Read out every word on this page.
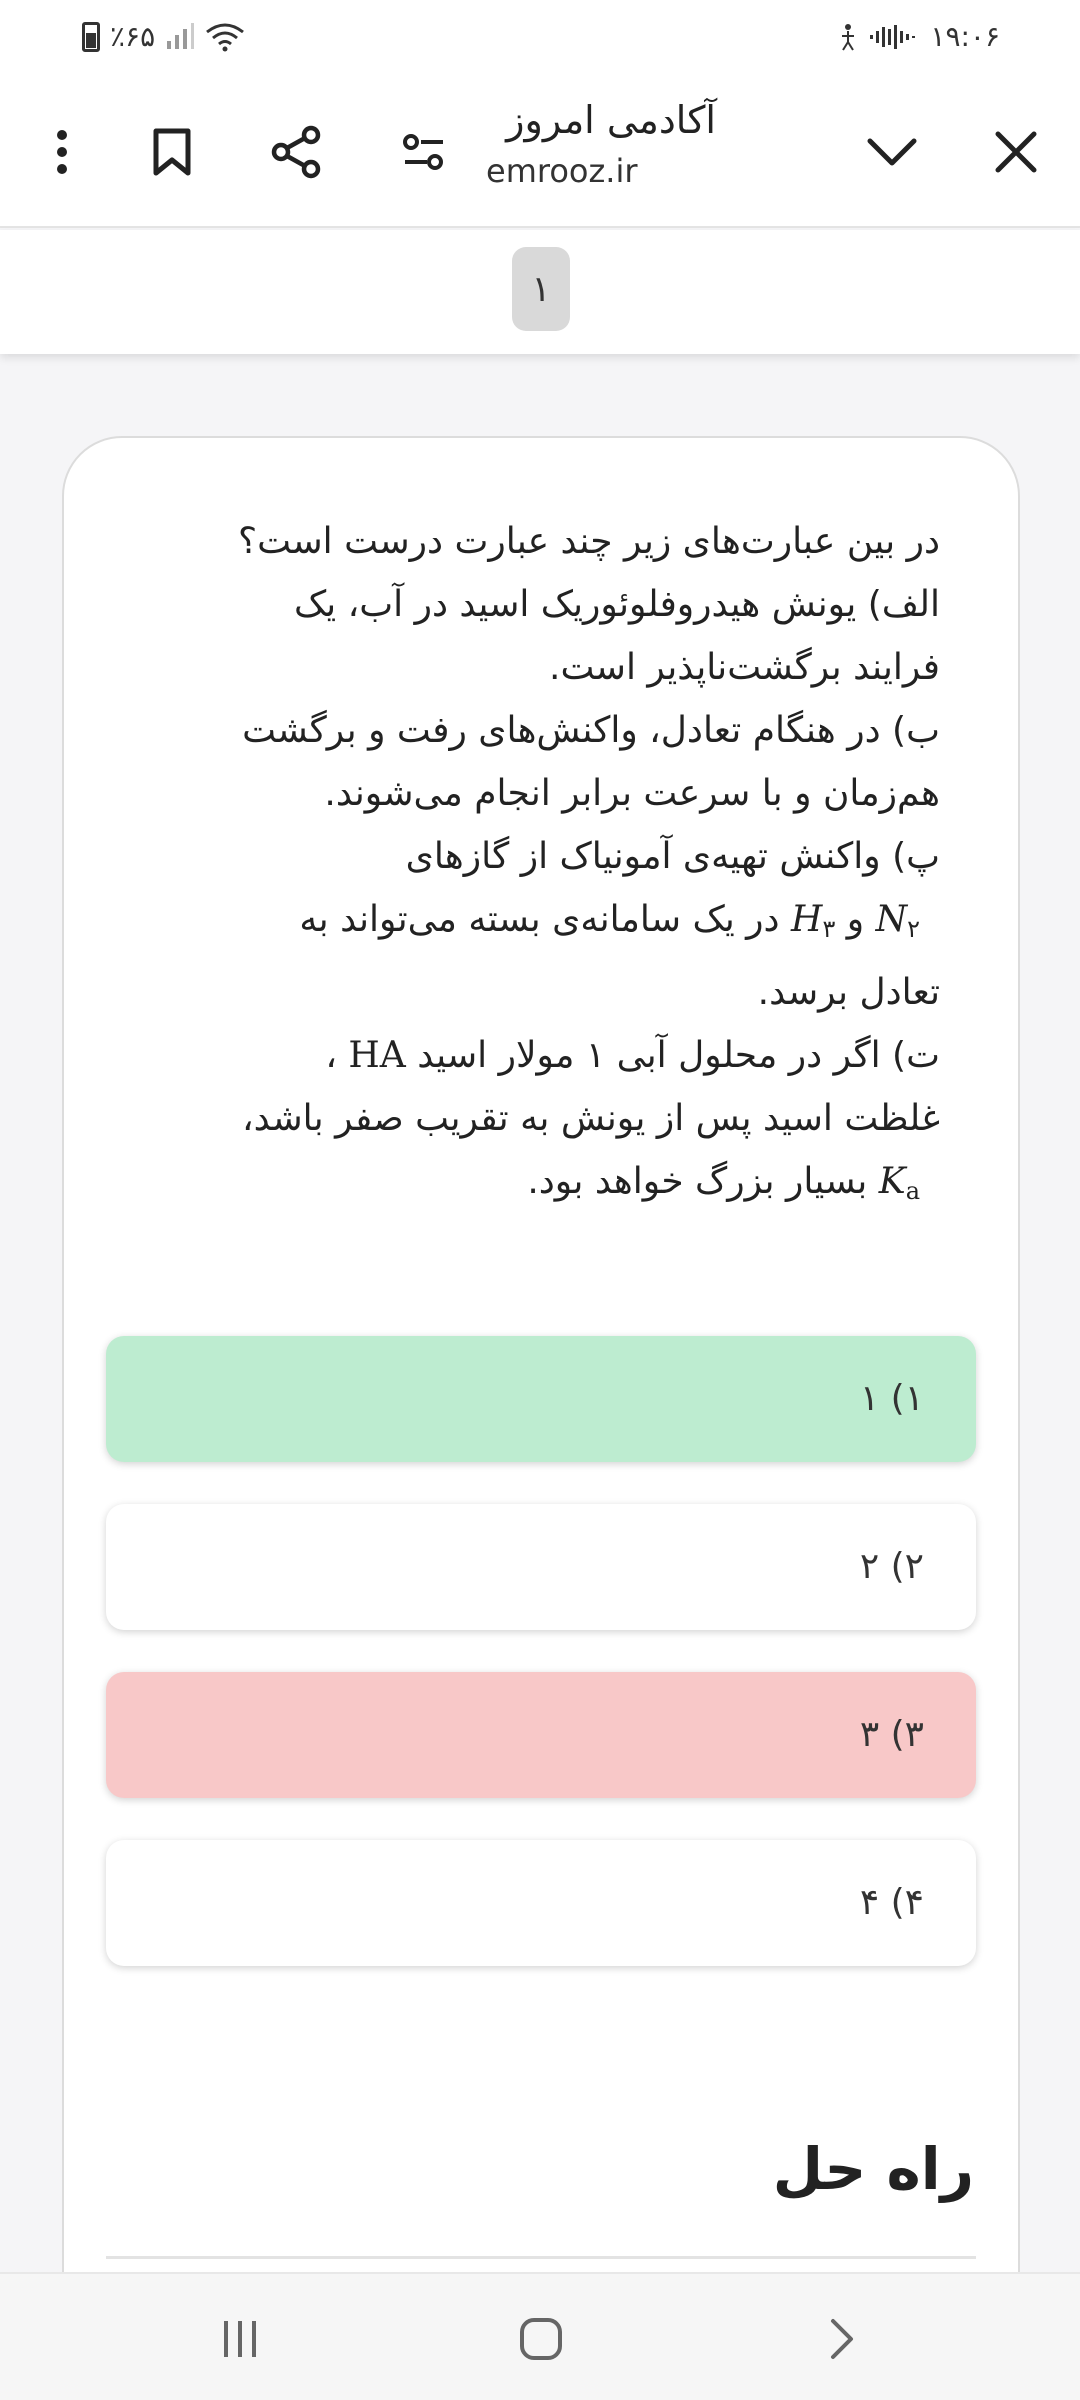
٪۶۵	۱۹:۰۶
آکادمی امروز
emrooz.ir
۱
در بین عبارت‌های زیر چند عبارت درست است؟
الف) یونش هیدروفلوئوریک اسید در آب، یک
فرایند برگشت‌ناپذیر است.
ب) در هنگام تعادل، واکنش‌های رفت و برگشت
هم‌زمان و با سرعت برابر انجام می‌شوند.
پ) واکنش تهیه‌ی آمونیاک از گازهای
$N_۲$ و $H_۳$ در یک سامانه‌ی بسته می‌تواند به
تعادل برسد.
ت) اگر در محلول آبی ۱ مولار اسید HA ،
غلظت اسید پس از یونش به تقریب صفر باشد،
$K_a$ بسیار بزرگ خواهد بود.
۱) ۱
۲) ۲
۳) ۳
۴) ۴
راه حل
